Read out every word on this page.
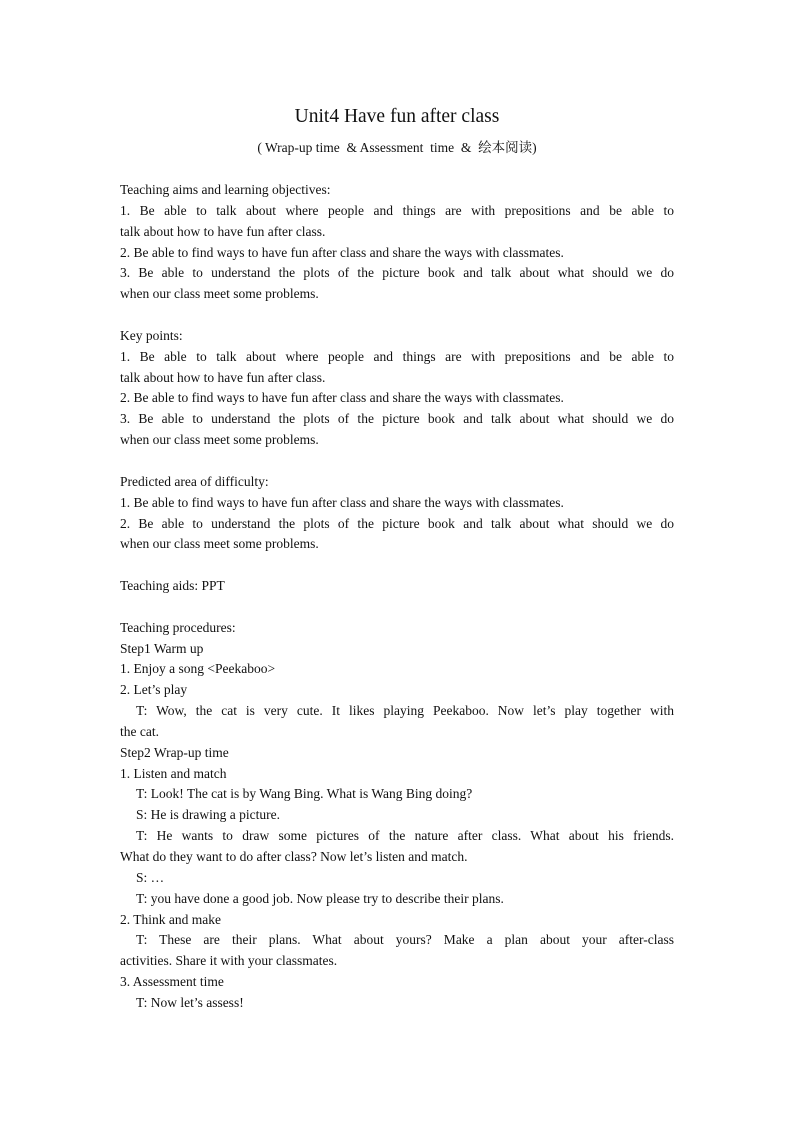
Unit4 Have fun after class
( Wrap-up time  & Assessment  time  &  绘本阅读)
Teaching aims and learning objectives:
1. Be able to talk about where people and things are with prepositions and be able to
talk about how to have fun after class.
2. Be able to find ways to have fun after class and share the ways with classmates.
3. Be able to understand the plots of the picture book and talk about what should we do
when our class meet some problems.
Key points:
1. Be able to talk about where people and things are with prepositions and be able to
talk about how to have fun after class.
2. Be able to find ways to have fun after class and share the ways with classmates.
3. Be able to understand the plots of the picture book and talk about what should we do
when our class meet some problems.
Predicted area of difficulty:
1. Be able to find ways to have fun after class and share the ways with classmates.
2. Be able to understand the plots of the picture book and talk about what should we do
when our class meet some problems.
Teaching aids: PPT
Teaching procedures:
Step1 Warm up
1. Enjoy a song <Peekaboo>
2. Let’s play
T: Wow, the cat is very cute. It likes playing Peekaboo. Now let’s play together with
the cat.
Step2 Wrap-up time
1. Listen and match
T: Look! The cat is by Wang Bing. What is Wang Bing doing?
S: He is drawing a picture.
T: He wants to draw some pictures of the nature after class. What about his friends.
What do they want to do after class? Now let’s listen and match.
S: …
T: you have done a good job. Now please try to describe their plans.
2. Think and make
T: These are their plans. What about yours? Make a plan about your after-class
activities. Share it with your classmates.
3. Assessment time
T: Now let’s assess!
